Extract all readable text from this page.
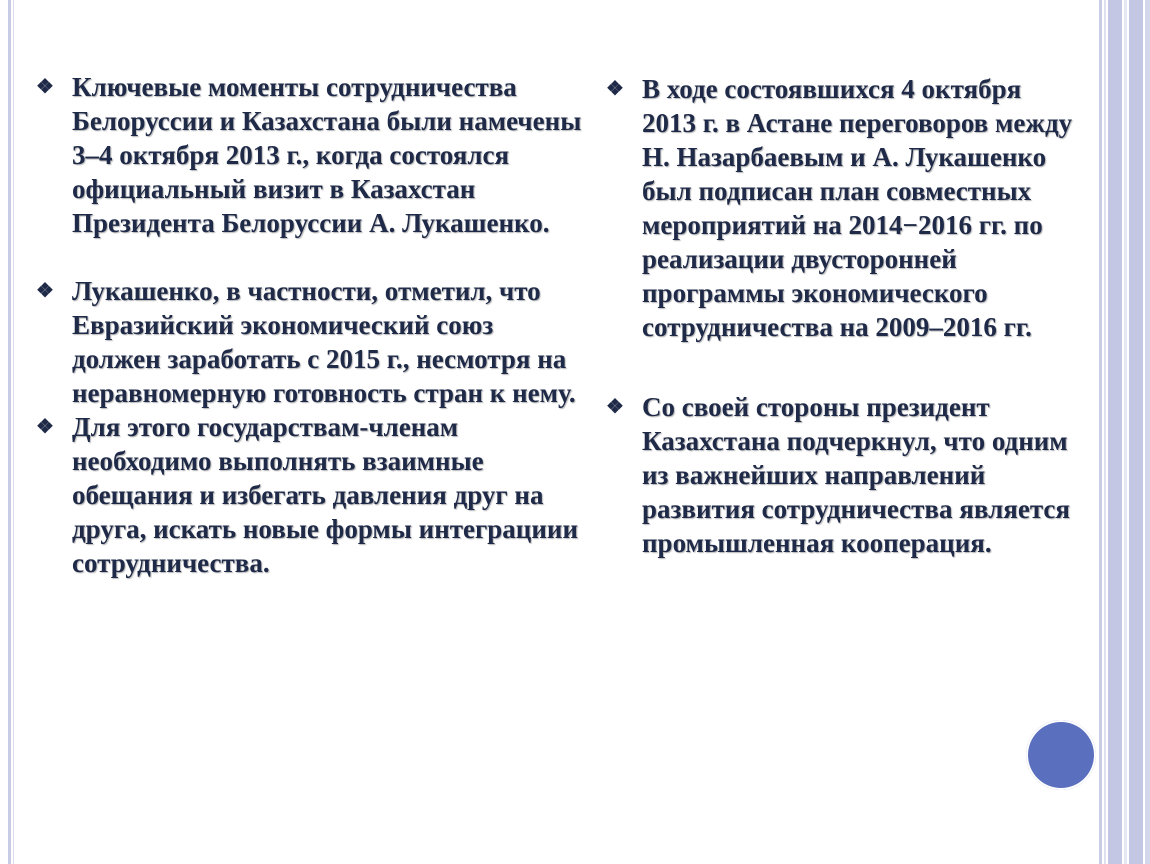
❖ Ключевые моменты сотрудничества Белоруссии и Казахстана были намечены 3–4 октября 2013 г., когда состоялся официальный визит в Казахстан Президента Белоруссии А. Лукашенко.

❖ Лукашенко, в частности, отметил, что Евразийский экономический союз должен заработать с 2015 г., несмотря на неравномерную готовность стран к нему.

❖ Для этого государствам-членам необходимо выполнять взаимные обещания и избегать давления друг на друга, искать новые формы интеграциии сотрудничества.

❖ В ходе состоявшихся 4 октября 2013 г. в Астане переговоров между Н. Назарбаевым и А. Лукашенко был подписан план совместных мероприятий на 2014−2016 гг. по реализации двусторонней программы экономического сотрудничества на 2009–2016 гг.

❖ Со своей стороны президент Казахстана подчеркнул, что одним из важнейших направлений развития сотрудничества является промышленная кооперация.
